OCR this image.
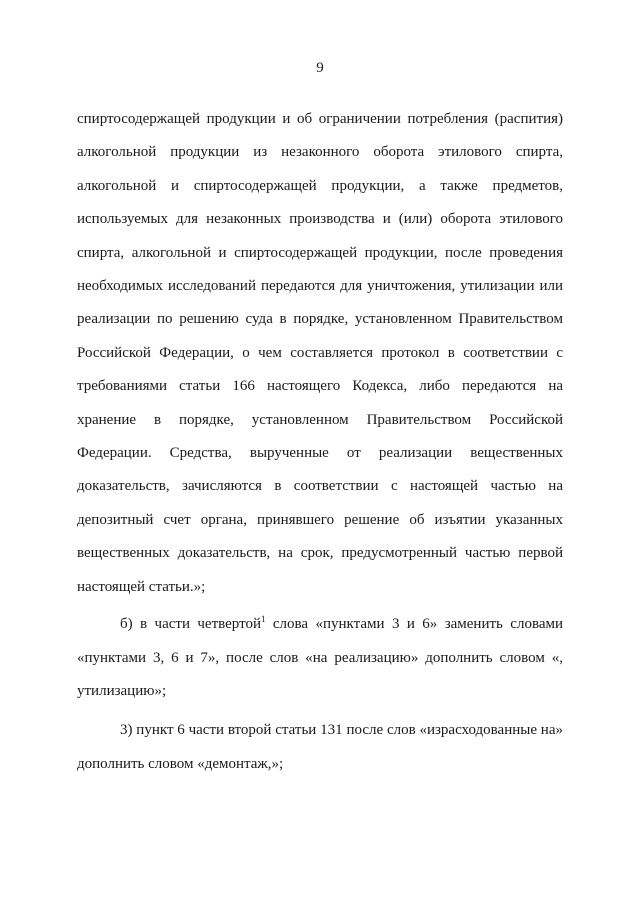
9

спиртосодержащей продукции и об ограничении потребления (распития) алкогольной продукции из незаконного оборота этилового спирта, алкогольной и спиртосодержащей продукции, а также предметов, используемых для незаконных производства и (или) оборота этилового спирта, алкогольной и спиртосодержащей продукции, после проведения необходимых исследований передаются для уничтожения, утилизации или реализации по решению суда в порядке, установленном Правительством Российской Федерации, о чем составляется протокол в соответствии с требованиями статьи 166 настоящего Кодекса, либо передаются на хранение в порядке, установленном Правительством Российской Федерации. Средства, вырученные от реализации вещественных доказательств, зачисляются в соответствии с настоящей частью на депозитный счет органа, принявшего решение об изъятии указанных вещественных доказательств, на срок, предусмотренный частью первой настоящей статьи.»;

б) в части четвертой$^1$ слова «пунктами 3 и 6» заменить словами «пунктами 3, 6 и 7», после слов «на реализацию» дополнить словом «, утилизацию»;

3) пункт 6 части второй статьи 131 после слов «израсходованные на» дополнить словом «демонтаж,»;
